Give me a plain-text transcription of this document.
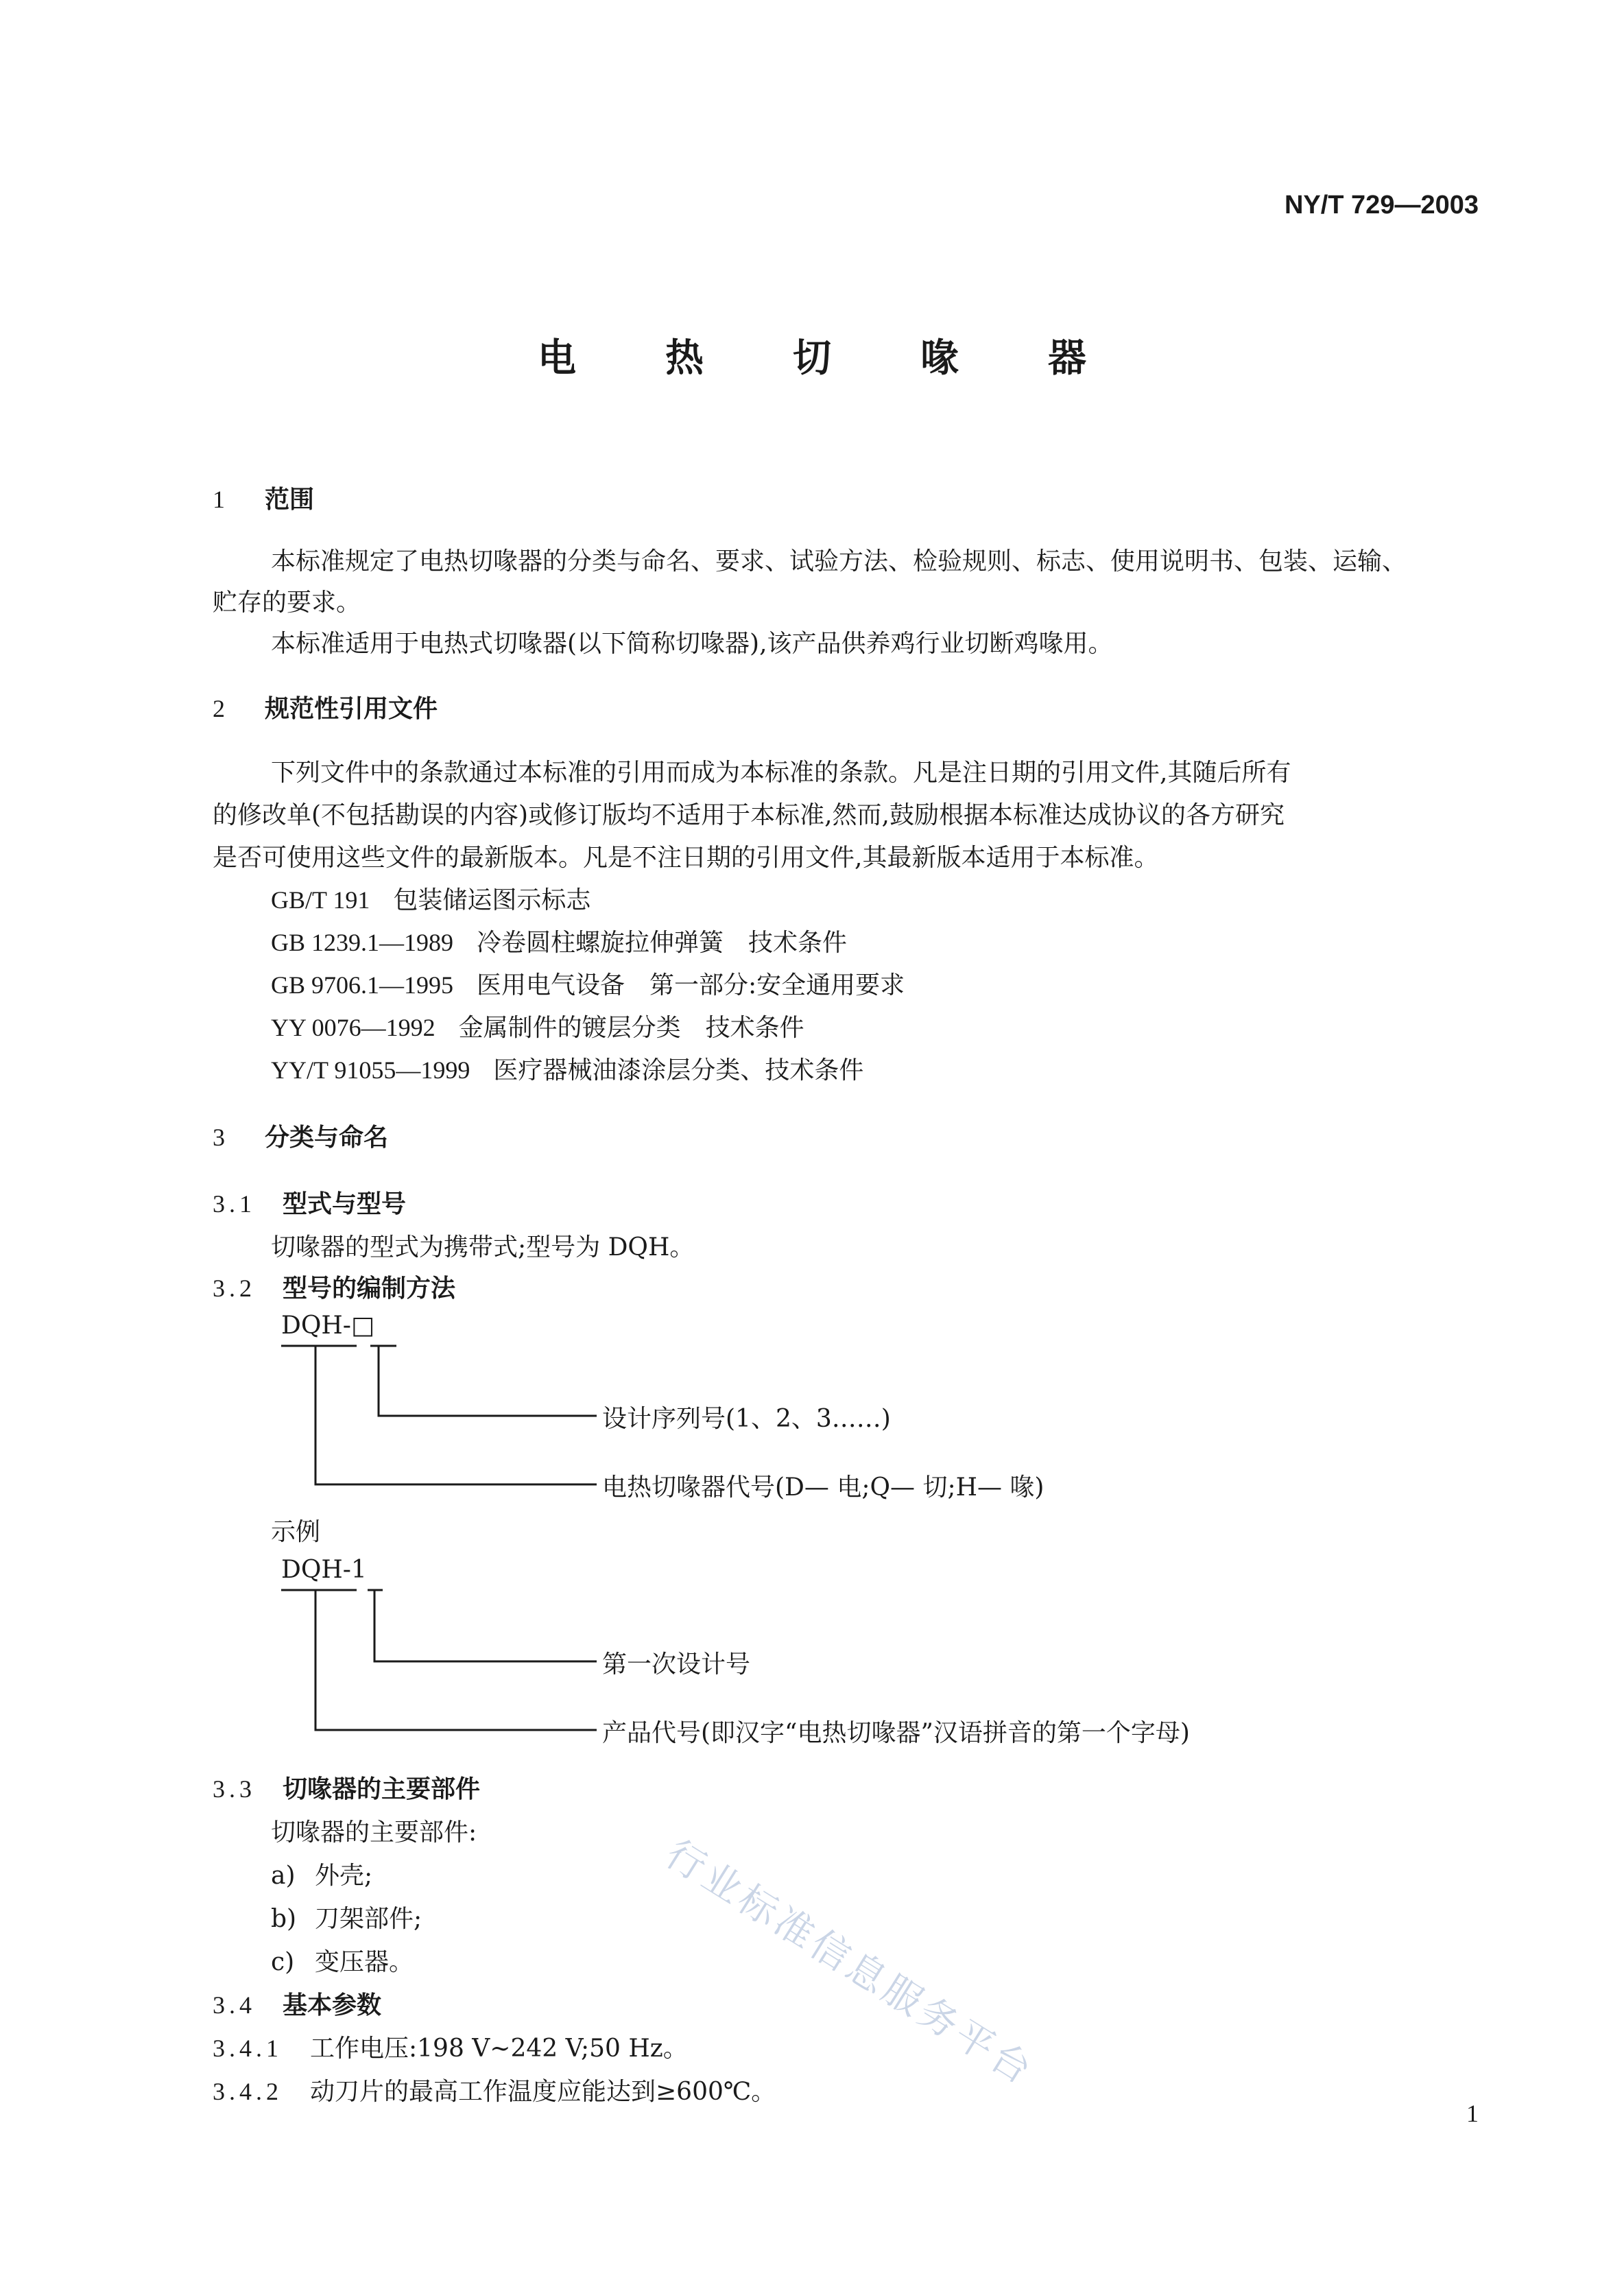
NY/T 729—2003
电热切喙器
1 范围
本标准规定了电热切喙器的分类与命名、要求、试验方法、检验规则、标志、使用说明书、包装、运输、
贮存的要求。
本标准适用于电热式切喙器(以下简称切喙器),该产品供养鸡行业切断鸡喙用。
2 规范性引用文件
下列文件中的条款通过本标准的引用而成为本标准的条款。凡是注日期的引用文件,其随后所有
的修改单(不包括勘误的内容)或修订版均不适用于本标准,然而,鼓励根据本标准达成协议的各方研究
是否可使用这些文件的最新版本。凡是不注日期的引用文件,其最新版本适用于本标准。
GB/T 191 包装储运图示标志
GB 1239.1—1989 冷卷圆柱螺旋拉伸弹簧　技术条件
GB 9706.1—1995 医用电气设备　第一部分:安全通用要求
YY 0076—1992 金属制件的镀层分类　技术条件
YY/T 91055—1999 医疗器械油漆涂层分类、技术条件
3 分类与命名
3.1 型式与型号
切喙器的型式为携带式;型号为 DQH。
3.2 型号的编制方法
DQH-□
设计序列号(1、2、3……)
电热切喙器代号(D— 电;Q— 切;H— 喙)
示例
DQH-1
第一次设计号
产品代号(即汉字“电热切喙器”汉语拼音的第一个字母)
3.3 切喙器的主要部件
切喙器的主要部件:
a) 外壳;
b) 刀架部件;
c) 变压器。
3.4 基本参数
3.4.1 工作电压:198 V~242 V;50 Hz。
3.4.2 动刀片的最高工作温度应能达到≥600℃。
行业标准信息服务平台
1
